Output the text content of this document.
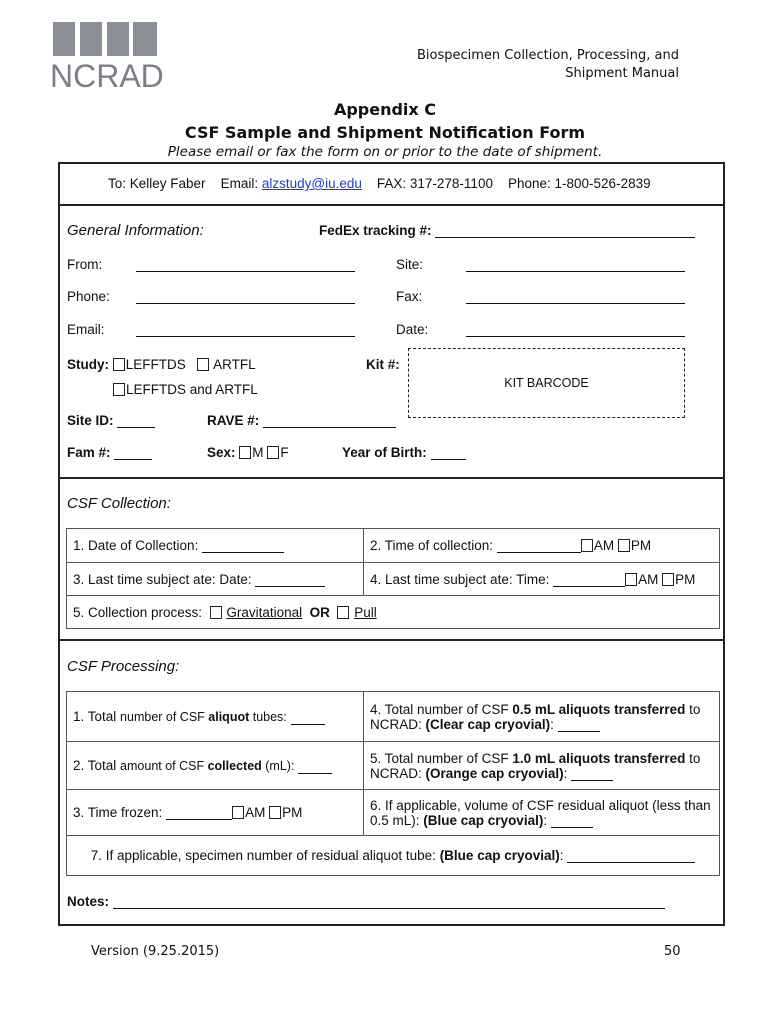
NCRAD
Biospecimen Collection, Processing, and
Shipment Manual
Appendix C
CSF Sample and Shipment Notification Form
Please email or fax the form on or prior to the date of shipment.
To: Kelley Faber Email: alzstudy@iu.edu FAX: 317-278-1100 Phone: 1-800-526-2839
General Information:	FedEx tracking #:
From:	Site:
Phone:	Fax:
Email:	Date:
Study: LEFFTDS ARTFL
LEFFTDS and ARTFL
Kit #:
KIT BARCODE
Site ID:	RAVE #:
Fam #:	Sex: M F	Year of Birth:
CSF Collection:
1. Date of Collection:	2. Time of collection: AM PM
3. Last time subject ate: Date:	4. Last time subject ate: Time: AM PM
5. Collection process: Gravitational OR Pull	
CSF Processing:
1. Total number of CSF aliquot tubes:	4. Total number of CSF 0.5 mL aliquots transferred to
NCRAD: (Clear cap cryovial):
2. Total amount of CSF collected (mL):	5. Total number of CSF 1.0 mL aliquots transferred to
NCRAD: (Orange cap cryovial):
3. Time frozen: AM PM	6. If applicable, volume of CSF residual aliquot (less than
0.5 mL): (Blue cap cryovial):
7. If applicable, specimen number of residual aliquot tube: (Blue cap cryovial):	
Notes:
Version (9.25.2015)	50
